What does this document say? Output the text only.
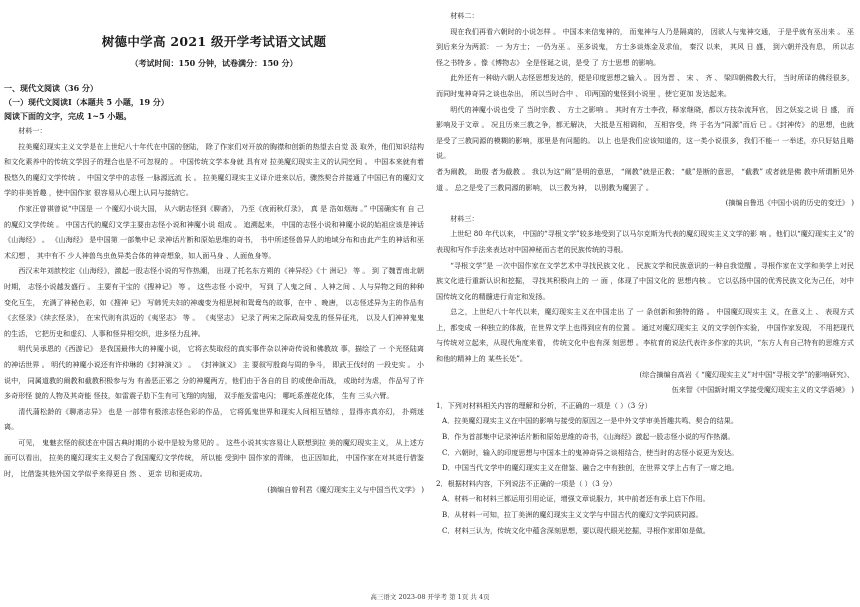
树德中学高 2021 级开学考试语文试题
（考试时间：150 分钟，试卷满分：150 分）
一、现代文阅读（36 分）
（一）现代文阅读Ⅰ（本题共 5 小题，19 分）
阅读下面的文字，完成 1~5 小题。

材料一：

拉美魔幻现实主义文学是在上世纪八十年代在中国的登陆， 除了作家们对开放的胸襟和创新的热望去自觉 汲 取外，他们知识结构和文化素养中的传统文学因子的理合也是不可忽视的 。 中国传统文学本身就 具有对 拉美魔幻现实主义的认同空间 。 中国本来就有着极悠久的魔幻文学传统 。 中国文学中的志怪 一脉源远流 长 。 拉美魔幻现实主义译介进来以后，骤然契合并接通了中国已有的魔幻文学的非美旨趣 ，使中国作家 很容易从心理上认同与接纳它。

作家汪曾祺曾说“中国是 一 个魔幻小说大国， 从六朝志怪到《聊斋》， 乃至《夜雨秋灯录》， 真 是 浩如烟海 。” 中国确实有 自 己的魔幻文学传统 。 中国古代的魔幻文学主要由志怪小说和神魔小说 组成 。 追溯起来， 中国的志怪小说和神魔小说的始祖应该是神话《山海经》 。 《山海经》 是中国第 一部集中记 录神话片断和原始思维的奇书， 书中所述怪兽异人的地域分布和由此产生的神话和巫术幻想 ， 其中有不 少人神兽鸟虫鱼异类合体的神奇想象，如人面马身 、人面鱼身等。

西汉末年刘歆校定《山海经》，激起一股志怪小说的写作热潮， 出现了托名东方朔的《神异经》《十 洲记》 等 。 到 了魏晋南北朝时期， 志怪小说越发盛行 。 主要有干宝的《搜神记》 等 。 这些志怪 小说中， 写到 了人鬼之间 、人神之间 、人与异物之间的种种变化互生， 充满了神秘色彩，如《搜神 记》 写韩凭夫妇的神魂变为相思树和鸳鸯鸟的故事，在中 、晚唐， 以志怪述异为主的作品有《玄怪录》《续玄怪录》， 在宋代则有洪迈的《夷坚志》 等 。 《夷坚志》 记录了两宋之际政局变乱的怪异征兆， 以及人们神神鬼鬼 的生活， 它把历史和虚幻、人事和怪异相交织，进多怪力乱神。

明代吴承恩的《西游记》 是我国最伟大的神魔小说， 它将玄奘取经的真实事件杂以神奇传说和佛教故 事，描绘了 一 个光怪陆离的神话世界 。 明代的神魔小说还有许仲琳的《封神演义》 。 《封神演义》 主 要叙写殷商与周的争斗， 即武王伐纣的 一段史实 。 小说中， 同属道教的阐教和截教积极参与为 有善恶正邪之 分的神魔两方，他们由于各自的目 的或使命而战， 或助纣为虐， 作品写了许多奇形怪 貌的人物及其奇能 怪技，如雷震子肋下生有可飞翔的肉翅， 双手能发雷电闪； 哪吒系莲花化体， 生有 三头六臂。

清代蒲松龄的《聊斋志异》 也是 一部带有极浓志怪色彩的作品， 它将狐鬼世界和现实人间相互错综 ，显得亦真亦幻， 扑朔迷离。

可见， 鬼魅玄怪的叙述在中国古典时期的小说中是较为常见的 。 这些小说其实容易让人联想到拉 美的魔幻现实主义， 从上述方面可以看出， 拉美的魔幻现实主义契合了我国魔幻文学传统， 所以能 受到中 国作家的青睐， 也正因如此， 中国作家在对其进行借鉴时， 比借鉴其他外国文学似乎来得更自 然 、 更亲 切和更成功。

(摘编自曾利君《魔幻现实主义与中国当代文学》 )

材料二：

现在我们再看六朝时的小说怎样 。 中国本来信鬼神的， 而鬼神与人乃是隔离的， 因欲人与鬼神交通， 于是乎就有巫出来 。 巫到后来分为两派： 一 为方士； 一仍为巫 。 巫多说鬼， 方士多谈炼金及求仙， 秦汉 以来， 其风 日 盛， 到六朝并没有息， 所以志怪之书特多 。像《博物志》 全是怪诞之说，是受 了 方士思想 的影响。

此外还有一种助六朝人志怪思想发达的，便是印度思想之输入 。 因为晋 、 宋 、 齐 、 梁四朝佛教大行， 当时所译的佛经很多， 而同时鬼神奇异之谈也杂出， 所以当时合中 、 印两国的鬼怪到小说里 ，使它更加 发达起来。

明代的神魔小说也受 了 当时宗教 、 方士之影响 。 其时有方士李孜，释家继晓，都以方技杂流拜官， 因之妖妄之说 日 盛， 而影响及于文章 。 况且历来三教之争，都无解决， 大抵是互相调和， 互相容受，终 于名为“同源”而后 已 。《封神传》 的思想，也就是受了三教同源的模糊的影响，那里是有问题的。 以上 也是我们应该知道的，这一类小说很多，我们不能一 一举述，亦只好姑且略说。

者为阐教， 助殷 者为截教 。 我以为这“阐”是明的意思， “阐教”就是正教； “截”是断的意思， “截教” 或者就是佛 教中所谓断见外道 。 总之是受了三教同源的影响， 以三教为神， 以别教为魔罢了 。

(摘编自鲁迅《中国小说的历史的变迁》 )

材料三：

上世纪 80 年代以来， 中国的“寻根文学”较多地受到了以马尔克斯为代表的魔幻现实主义文学的影 响 。他们以“魔幻现实主义”的表现和写作手法来表达对中国神秘而古老的民族传统的寻根。

“寻根文学”是 一次中国作家在文学艺术中寻找民族文化 、 民族文学和民族意识的一种自我觉醒 。寻根作家在文学和美学上对民族文化进行重新认识和挖掘， 寻找其积极向上的 一 面 ，体现了中国文化的 思想内核 。 它以弘扬中国的优秀民族文化为己任，对中国传统文化的精髓进行肯定和发扬。

总之，上世纪八十年代以来，魔幻现实主义在中国走出 了 一 条创新和独特的路 。 中国魔幻现实主 义，在意义上 、 表现方式上，都变成 一种独立的体裁，在世界文学上也得到应有的位置 。 通过对魔幻现实主 义的文学创作实验， 中国作家发现， 不用把现代与传统对立起来，从现代角度来看， 传统文化中也有深 刻思想 。李杭育的说法代表许多作家的共识，“东方人有自己特有的思维方式和他的精神上的 某些长处”。

(综合摘编自高岩《 “魔幻现实主义”对中国“寻根文学”的影响研究》、

伍来智《中国新时期文学接受魔幻现实主义的文学语境》 )

1．下列对材料相关内容的理解和分析，不正确的一项是（ ）（3 分）

A．拉美魔幻现实主义在中国的影响与接受的原因之一是中外文学审美旨趣共鸣、契合的结果。

B．作为首部集中记录神话片断和原始思维的奇书，《山海经》激起一股志怪小说的写作热潮。

C．六朝时，输入的印度思想与中国本土的鬼神奇异之谈相结合，使当时的志怪小说更为发达。

D．中国当代文学中的魔幻现实主义在借鉴、融合之中有独创，在世界文学上占有了一席之地。

2．根据材料内容，下列说法不正确的一项是（ ）（3 分）

A．材料一和材料三都运用引用论证，增强文章说服力，其中前者还有承上启下作用。

B．从材料一可知，拉丁美洲的魔幻现实主义文学与中国古代的魔幻文学同质同源。

C．材料三认为，传统文化中蕴含深刻思想，要以现代眼光挖掘，寻根作家即如是做。

高三语文 2023-08 开学考 第 1页 共 4页
